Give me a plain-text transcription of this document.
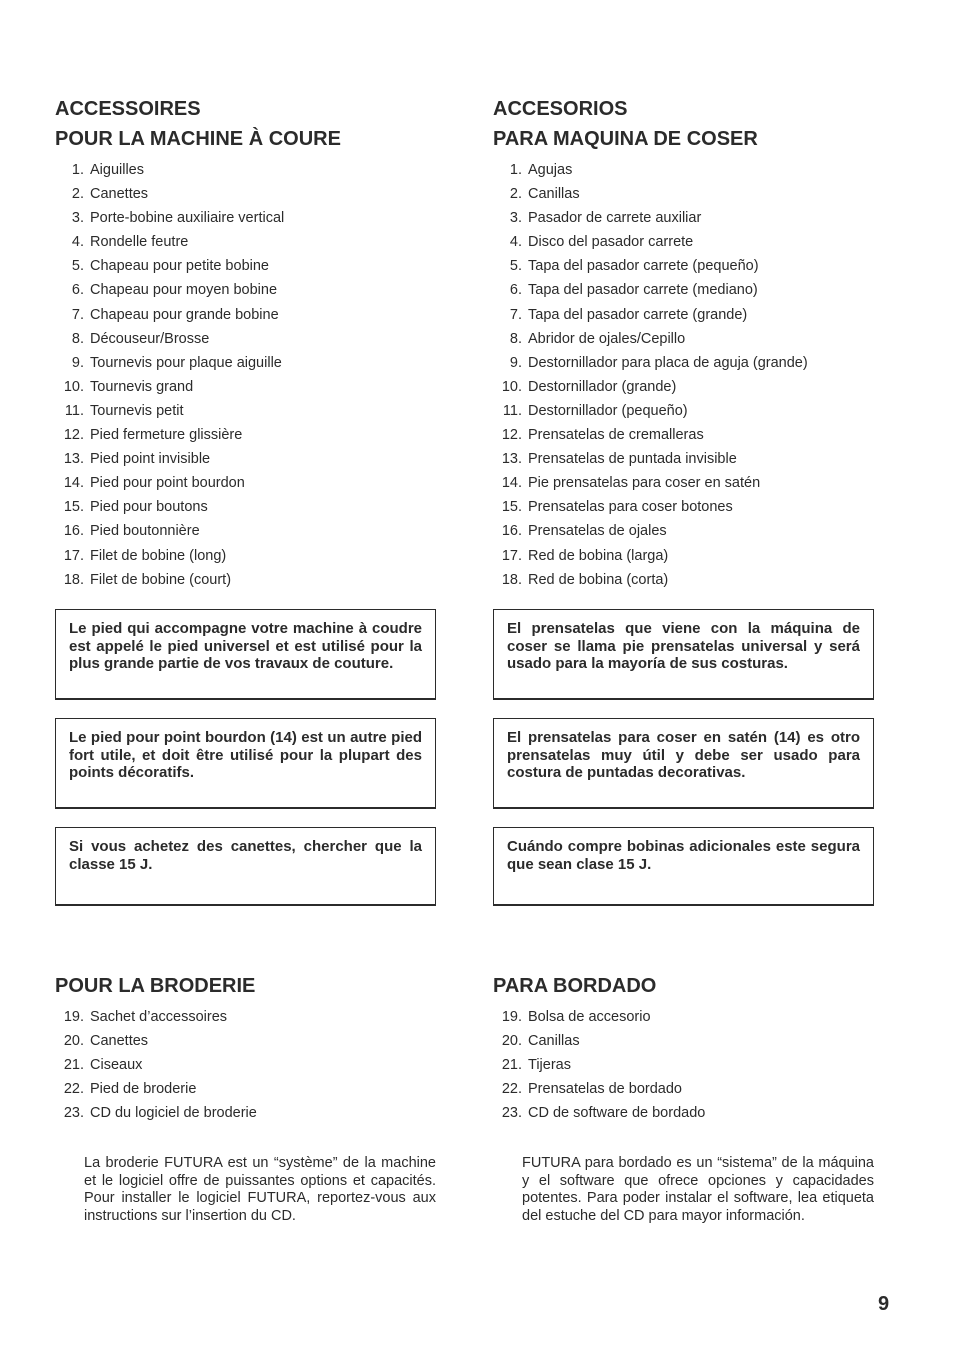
ACCESSOIRES
POUR LA MACHINE À COURE
1. Aiguilles
2. Canettes
3. Porte-bobine auxiliaire vertical
4. Rondelle feutre
5. Chapeau pour petite bobine
6. Chapeau pour moyen bobine
7. Chapeau pour grande bobine
8. Découseur/Brosse
9. Tournevis pour plaque aiguille
10. Tournevis grand
11. Tournevis petit
12. Pied fermeture glissière
13. Pied point invisible
14. Pied pour point bourdon
15. Pied pour boutons
16. Pied boutonnière
17. Filet de bobine (long)
18. Filet de bobine (court)
Le pied qui accompagne votre machine à coudre est appelé le pied universel et est utilisé pour la plus grande partie de vos travaux de couture.
Le pied pour point bourdon (14) est un autre pied fort utile, et doit être utilisé pour la plupart des points décoratifs.
Si vous achetez des canettes, chercher que la classe 15 J.
POUR LA BRODERIE
19. Sachet d’accessoires
20. Canettes
21. Ciseaux
22. Pied de broderie
23. CD du logiciel de broderie
La broderie FUTURA est un “système” de la machine et le logiciel offre de puissantes options et capacités. Pour installer le logiciel FUTURA, reportez-vous aux instructions sur l’insertion du CD.
ACCESORIOS
PARA MAQUINA DE COSER
1. Agujas
2. Canillas
3. Pasador de carrete auxiliar
4. Disco del pasador carrete
5. Tapa del pasador carrete (pequeño)
6. Tapa del pasador carrete (mediano)
7. Tapa del pasador carrete (grande)
8. Abridor de ojales/Cepillo
9. Destornillador para placa de aguja (grande)
10. Destornillador (grande)
11. Destornillador (pequeño)
12. Prensatelas de cremalleras
13. Prensatelas de puntada invisible
14. Pie prensatelas para coser en satén
15. Prensatelas para coser botones
16. Prensatelas de ojales
17. Red de bobina (larga)
18. Red de bobina (corta)
El prensatelas que viene con la máquina de coser se llama pie prensatelas universal y será usado para la mayoría de sus costuras.
El prensatelas para coser en satén (14) es otro prensatelas muy útil y debe ser usado para costura de puntadas decorativas.
Cuándo compre bobinas adicionales este segura que sean clase 15 J.
PARA BORDADO
19. Bolsa de accesorio
20. Canillas
21. Tijeras
22. Prensatelas de bordado
23. CD de software de bordado
FUTURA para bordado es un “sistema” de la máquina y el software que ofrece opciones y capacidades potentes. Para poder instalar el software, lea etiqueta del estuche del CD para mayor información.
9
